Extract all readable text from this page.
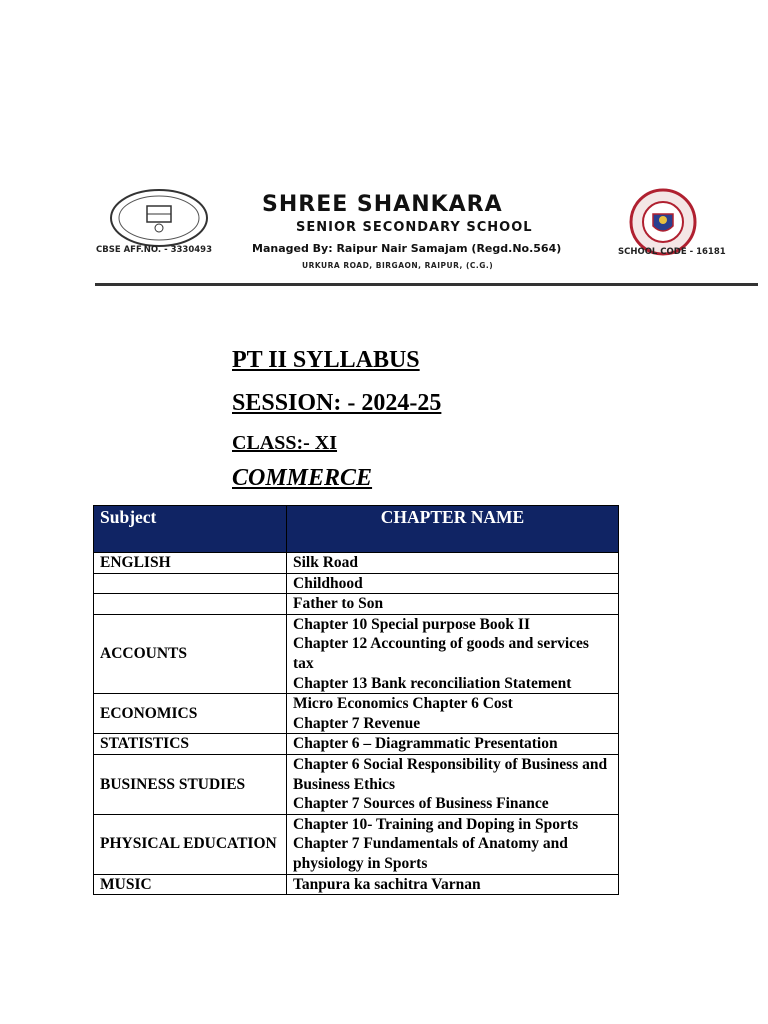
CBSE AFF.NO. - 3330493
SHREE SHANKARA
SENIOR SECONDARY SCHOOL
Managed By: Raipur Nair Samajam (Regd.No.564)
URKURA ROAD, BIRGAON, RAIPUR, (C.G.)
SCHOOL CODE - 16181
PT II SYLLABUS
SESSION: - 2024-25
CLASS:- XI
COMMERCE
Subject	CHAPTER NAME
ENGLISH	Silk Road

	Childhood

	Father to Son

ACCOUNTS	Chapter 10 Special purpose Book II
Chapter 12 Accounting of goods and services tax
Chapter 13 Bank reconciliation Statement

ECONOMICS	Micro Economics Chapter 6 Cost
Chapter 7 Revenue

STATISTICS	Chapter 6 – Diagrammatic Presentation

BUSINESS STUDIES	Chapter 6 Social Responsibility of Business and Business Ethics
Chapter 7 Sources of Business Finance

PHYSICAL EDUCATION	Chapter 10- Training and Doping in Sports
Chapter 7 Fundamentals of Anatomy and physiology in Sports

MUSIC	Tanpura ka sachitra Varnan
